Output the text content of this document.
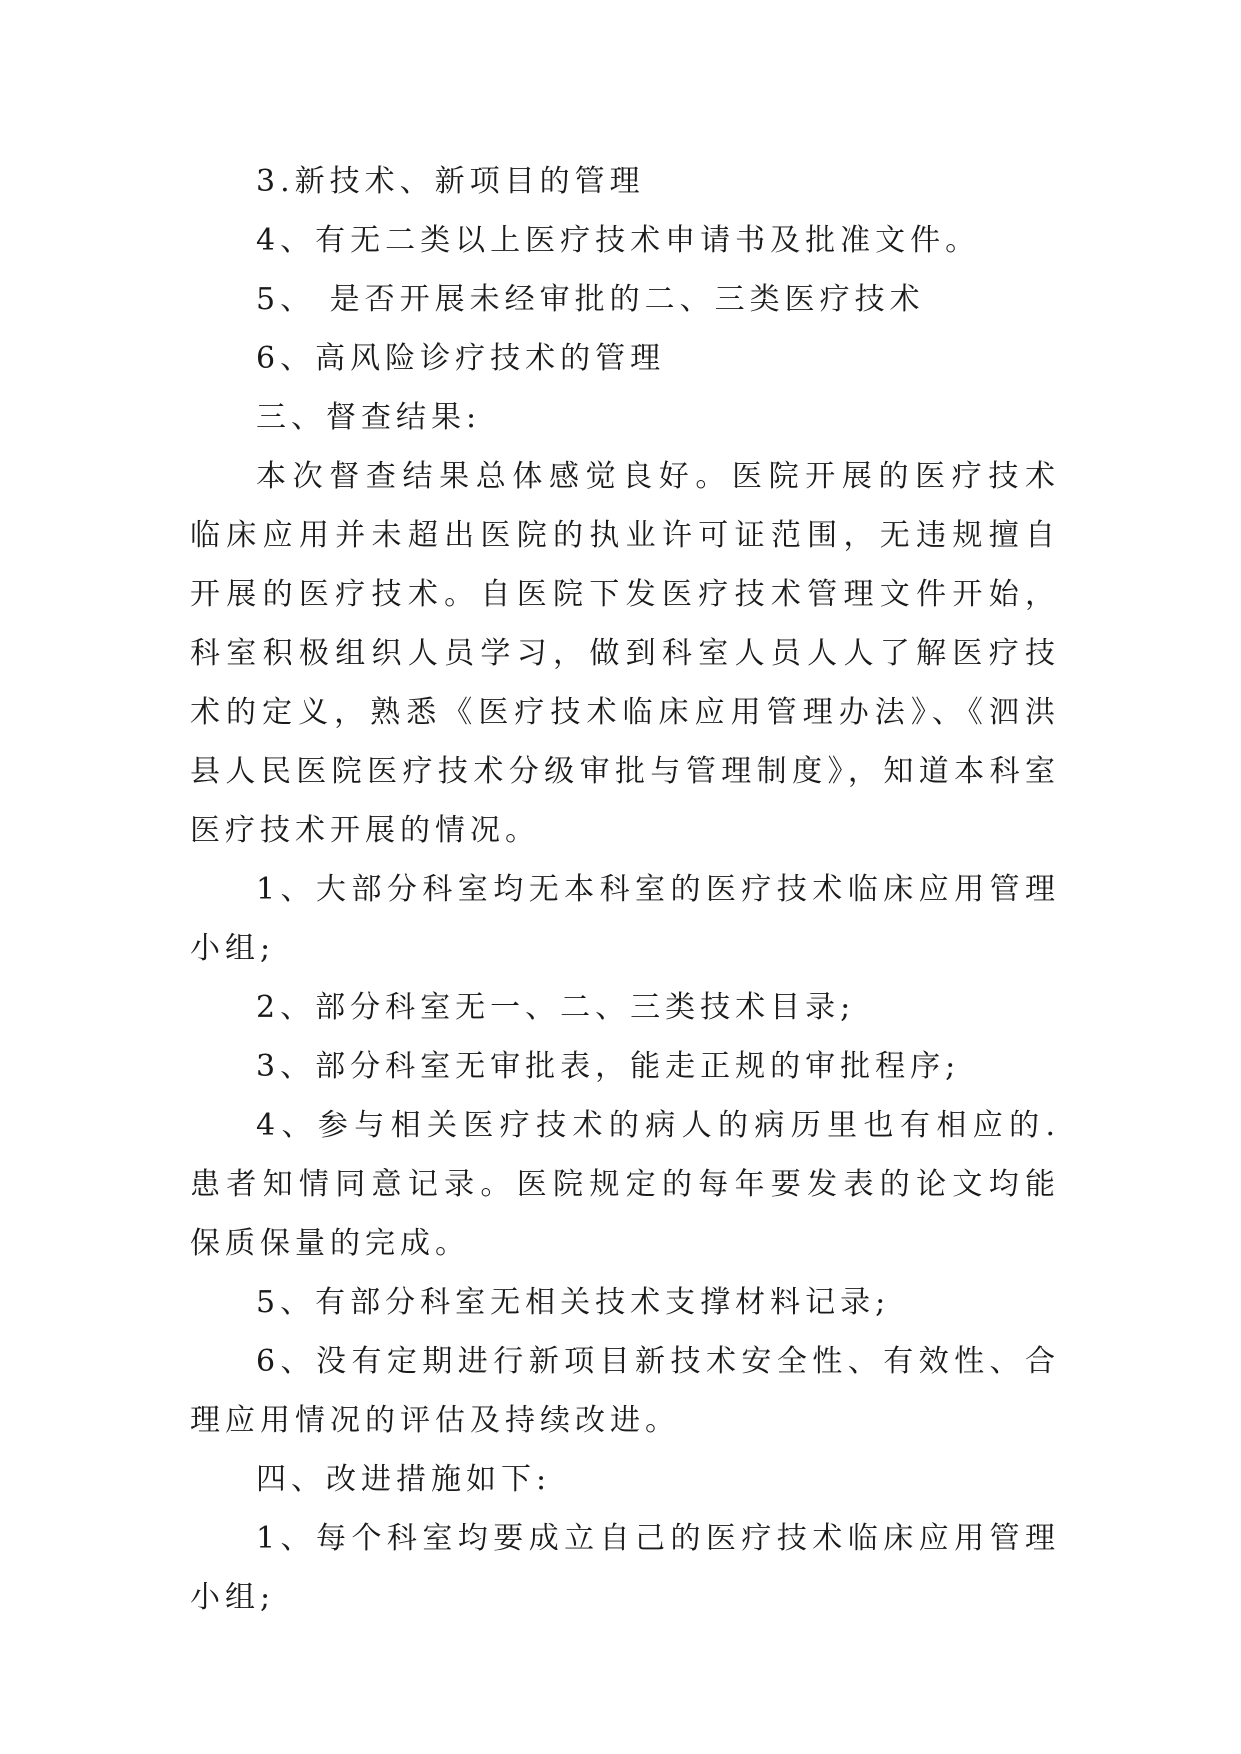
3.新技术、新项目的管理

4、有无二类以上医疗技术申请书及批准文件。

5、 是否开展未经审批的二、三类医疗技术

6、高风险诊疗技术的管理

三、督查结果:

本次督查结果总体感觉良好。医院开展的医疗技术临床应用并未超出医院的执业许可证范围，无违规擅自开展的医疗技术。自医院下发医疗技术管理文件开始，科室积极组织人员学习，做到科室人员人人了解医疗技术的定义，熟悉《医疗技术临床应用管理办法》、《泗洪县人民医院医疗技术分级审批与管理制度》，知道本科室医疗技术开展的情况。

1、大部分科室均无本科室的医疗技术临床应用管理小组;

2、部分科室无一、二、三类技术目录;

3、部分科室无审批表，能走正规的审批程序;

4、参与相关医疗技术的病人的病历里也有相应的.患者知情同意记录。医院规定的每年要发表的论文均能保质保量的完成。

5、有部分科室无相关技术支撑材料记录;

6、没有定期进行新项目新技术安全性、有效性、合理应用情况的评估及持续改进。

四、改进措施如下:

1、每个科室均要成立自己的医疗技术临床应用管理小组;
